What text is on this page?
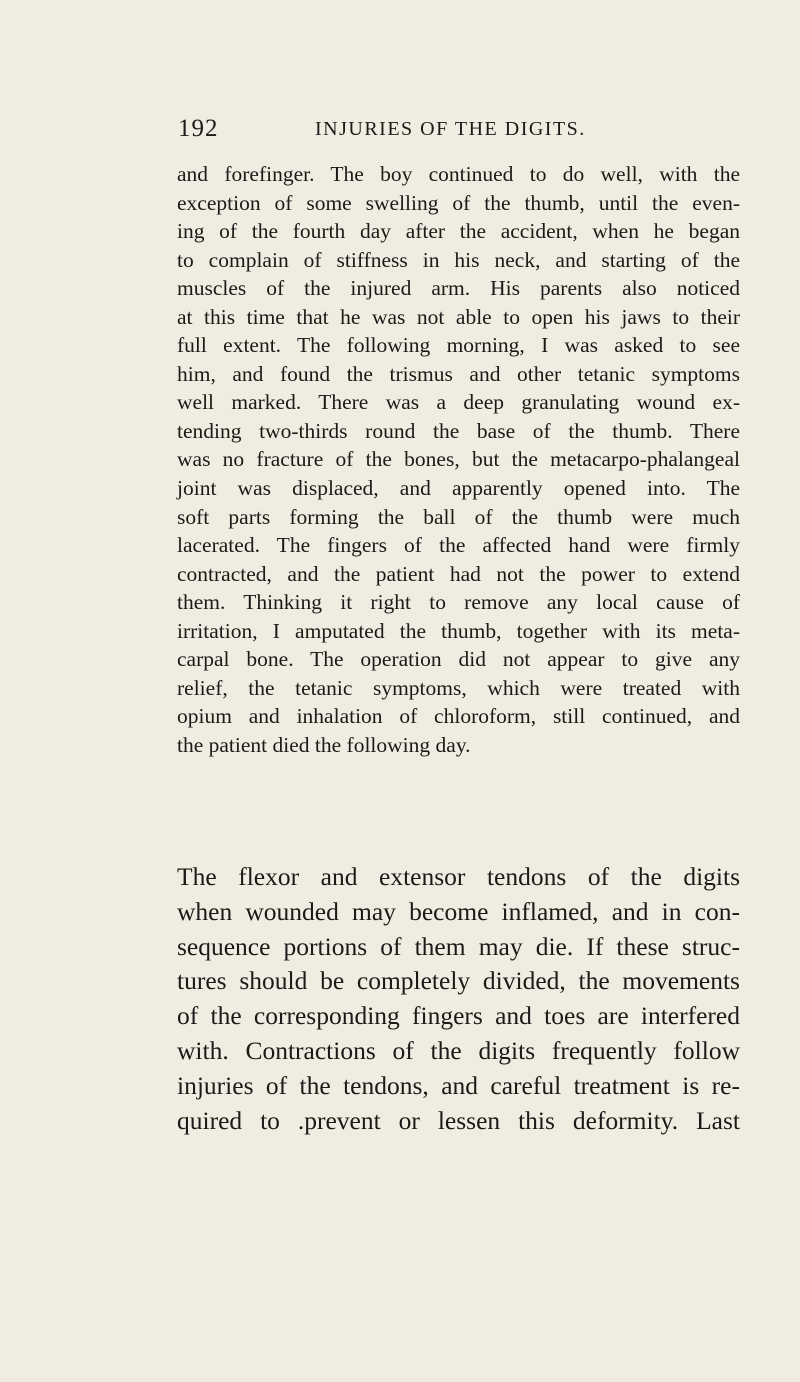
192	INJURIES OF THE DIGITS.
and forefinger. The boy continued to do well, with the
exception of some swelling of the thumb, until the even-
ing of the fourth day after the accident, when he began
to complain of stiffness in his neck, and starting of the
muscles of the injured arm. His parents also noticed
at this time that he was not able to open his jaws to their
full extent. The following morning, I was asked to see
him, and found the trismus and other tetanic symptoms
well marked. There was a deep granulating wound ex-
tending two-thirds round the base of the thumb. There
was no fracture of the bones, but the metacarpo-phalangeal
joint was displaced, and apparently opened into. The
soft parts forming the ball of the thumb were much
lacerated. The fingers of the affected hand were firmly
contracted, and the patient had not the power to extend
them. Thinking it right to remove any local cause of
irritation, I amputated the thumb, together with its meta-
carpal bone. The operation did not appear to give any
relief, the tetanic symptoms, which were treated with
opium and inhalation of chloroform, still continued, and
the patient died the following day.
The flexor and extensor tendons of the digits
when wounded may become inflamed, and in con-
sequence portions of them may die. If these struc-
tures should be completely divided, the movements
of the corresponding fingers and toes are interfered
with. Contractions of the digits frequently follow
injuries of the tendons, and careful treatment is re-
quired to .prevent or lessen this deformity. Last
